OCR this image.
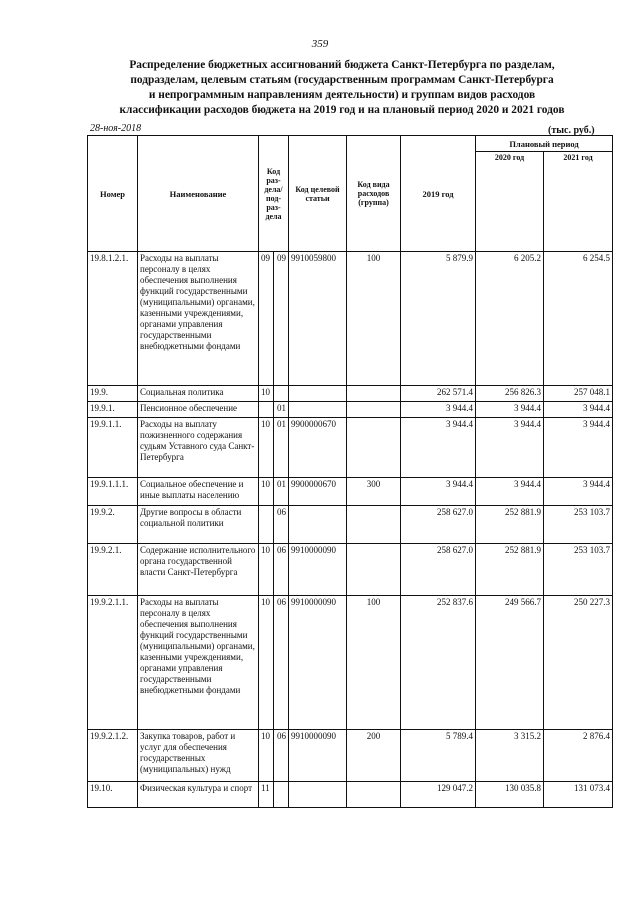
359
Распределение бюджетных ассигнований бюджета Санкт-Петербурга по разделам,
подразделам, целевым статьям (государственным программам Санкт-Петербурга
и непрограммным направлениям деятельности) и группам видов расходов
классификации расходов бюджета на 2019 год и на плановый период 2020 и 2021 годов
28-ноя-2018	(тыс. руб.)
Номер	Наименование	Код раз-дела/под-раз-дела		Код целевой статьи	Код вида расходов (группа)	2019 год	Плановый период	
							2020 год	2021 год
19.8.1.2.1.	Расходы на выплаты персоналу в целях обеспечения выполнения функций государственными (муниципальными) органами, казенными учреждениями, органами управления государственными внебюджетными фондами	09	09	9910059800	100	5 879.9	6 205.2	6 254.5
19.9.	Социальная политика	10				262 571.4	256 826.3	257 048.1
19.9.1.	Пенсионное обеспечение		01			3 944.4	3 944.4	3 944.4
19.9.1.1.	Расходы на выплату пожизненного содержания судьям Уставного суда Санкт-Петербурга	10	01	9900000670		3 944.4	3 944.4	3 944.4
19.9.1.1.1.	Социальное обеспечение и иные выплаты населению	10	01	9900000670	300	3 944.4	3 944.4	3 944.4
19.9.2.	Другие вопросы в области социальной политики		06			258 627.0	252 881.9	253 103.7
19.9.2.1.	Содержание исполнительного органа государственной власти Санкт-Петербурга	10	06	9910000090		258 627.0	252 881.9	253 103.7
19.9.2.1.1.	Расходы на выплаты персоналу в целях обеспечения выполнения функций государственными (муниципальными) органами, казенными учреждениями, органами управления государственными внебюджетными фондами	10	06	9910000090	100	252 837.6	249 566.7	250 227.3
19.9.2.1.2.	Закупка товаров, работ и услуг для обеспечения государственных (муниципальных) нужд	10	06	9910000090	200	5 789.4	3 315.2	2 876.4
19.10.	Физическая культура и спорт	11				129 047.2	130 035.8	131 073.4
